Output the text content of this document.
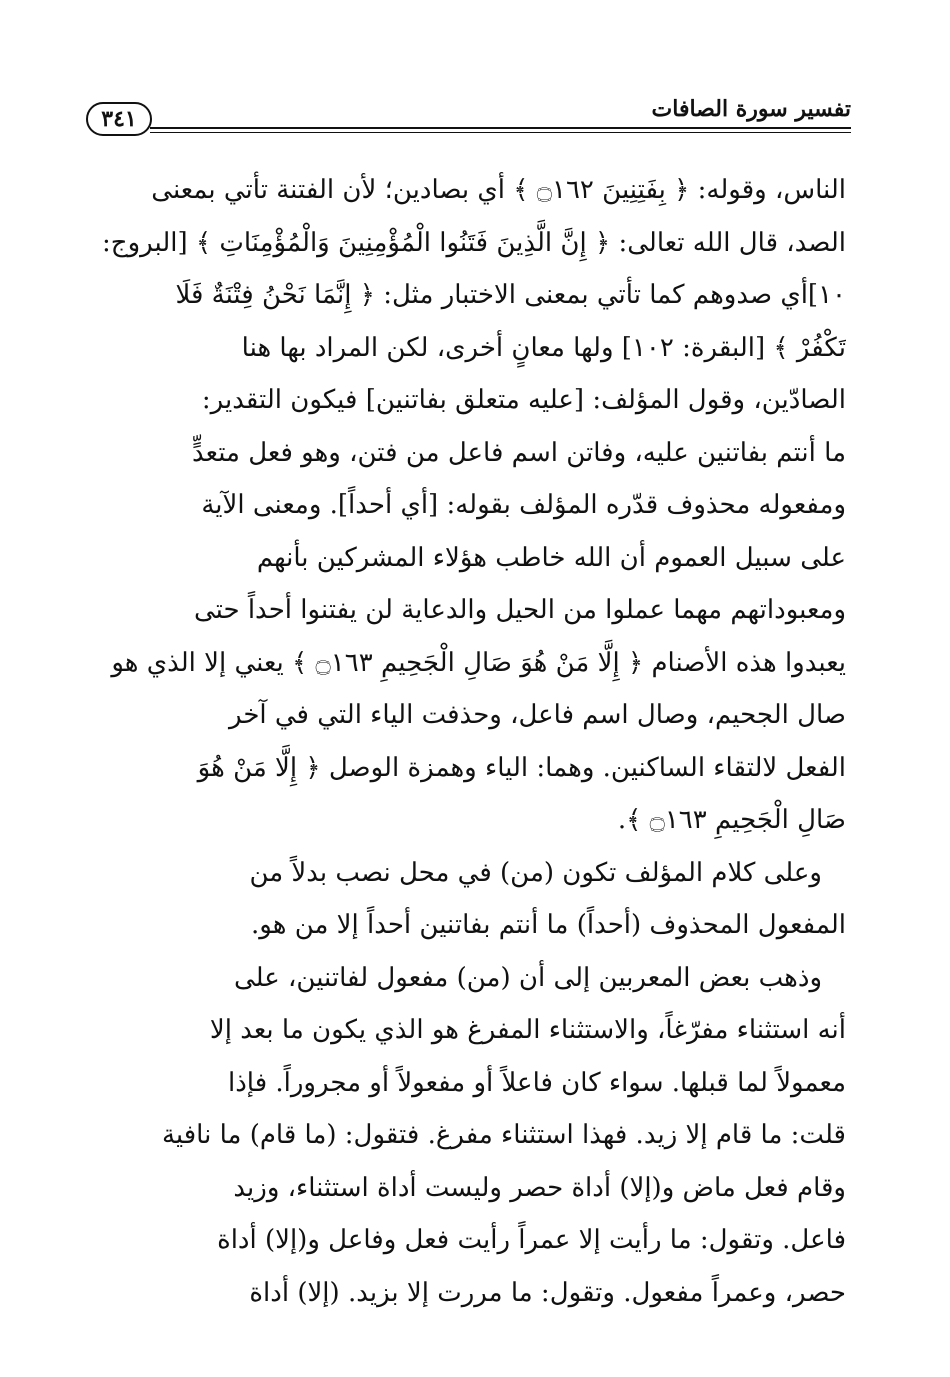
٣٤١	تفسير سورة الصافات
الناس، وقوله: ﴿ بِفَتِنِينَ ۝١٦٢ ﴾ أي بصادين؛ لأن الفتنة تأتي بمعنى
الصد، قال الله تعالى: ﴿ إِنَّ الَّذِينَ فَتَنُوا الْمُؤْمِنِينَ وَالْمُؤْمِنَاتِ ﴾ [البروج:
١٠]أي صدوهم كما تأتي بمعنى الاختبار مثل: ﴿ إِنَّمَا نَحْنُ فِتْنَةٌ فَلَا
تَكْفُرْ ﴾ [البقرة: ١٠٢] ولها معانٍ أخرى، لكن المراد بها هنا
الصادّين، وقول المؤلف: [عليه متعلق بفاتنين] فيكون التقدير:
ما أنتم بفاتنين عليه، وفاتن اسم فاعل من فتن، وهو فعل متعدٍّ
ومفعوله محذوف قدّره المؤلف بقوله: [أي أحداً]. ومعنى الآية
على سبيل العموم أن الله خاطب هؤلاء المشركين بأنهم
ومعبوداتهم مهما عملوا من الحيل والدعاية لن يفتنوا أحداً حتى
يعبدوا هذه الأصنام ﴿ إِلَّا مَنْ هُوَ صَالِ الْجَحِيمِ ۝١٦٣ ﴾ يعني إلا الذي هو
صال الجحيم، وصال اسم فاعل، وحذفت الياء التي في آخر
الفعل لالتقاء الساكنين. وهما: الياء وهمزة الوصل ﴿ إِلَّا مَنْ هُوَ
صَالِ الْجَحِيمِ ۝١٦٣ ﴾.
وعلى كلام المؤلف تكون (من) في محل نصب بدلاً من
المفعول المحذوف (أحداً) ما أنتم بفاتنين أحداً إلا من هو.
وذهب بعض المعربين إلى أن (من) مفعول لفاتنين، على
أنه استثناء مفرّغاً، والاستثناء المفرغ هو الذي يكون ما بعد إلا
معمولاً لما قبلها. سواء كان فاعلاً أو مفعولاً أو مجروراً. فإذا
قلت: ما قام إلا زيد. فهذا استثناء مفرغ. فتقول: (ما قام) ما نافية
وقام فعل ماض و(إلا) أداة حصر وليست أداة استثناء، وزيد
فاعل. وتقول: ما رأيت إلا عمراً رأيت فعل وفاعل و(إلا) أداة
حصر، وعمراً مفعول. وتقول: ما مررت إلا بزيد. (إلا) أداة
